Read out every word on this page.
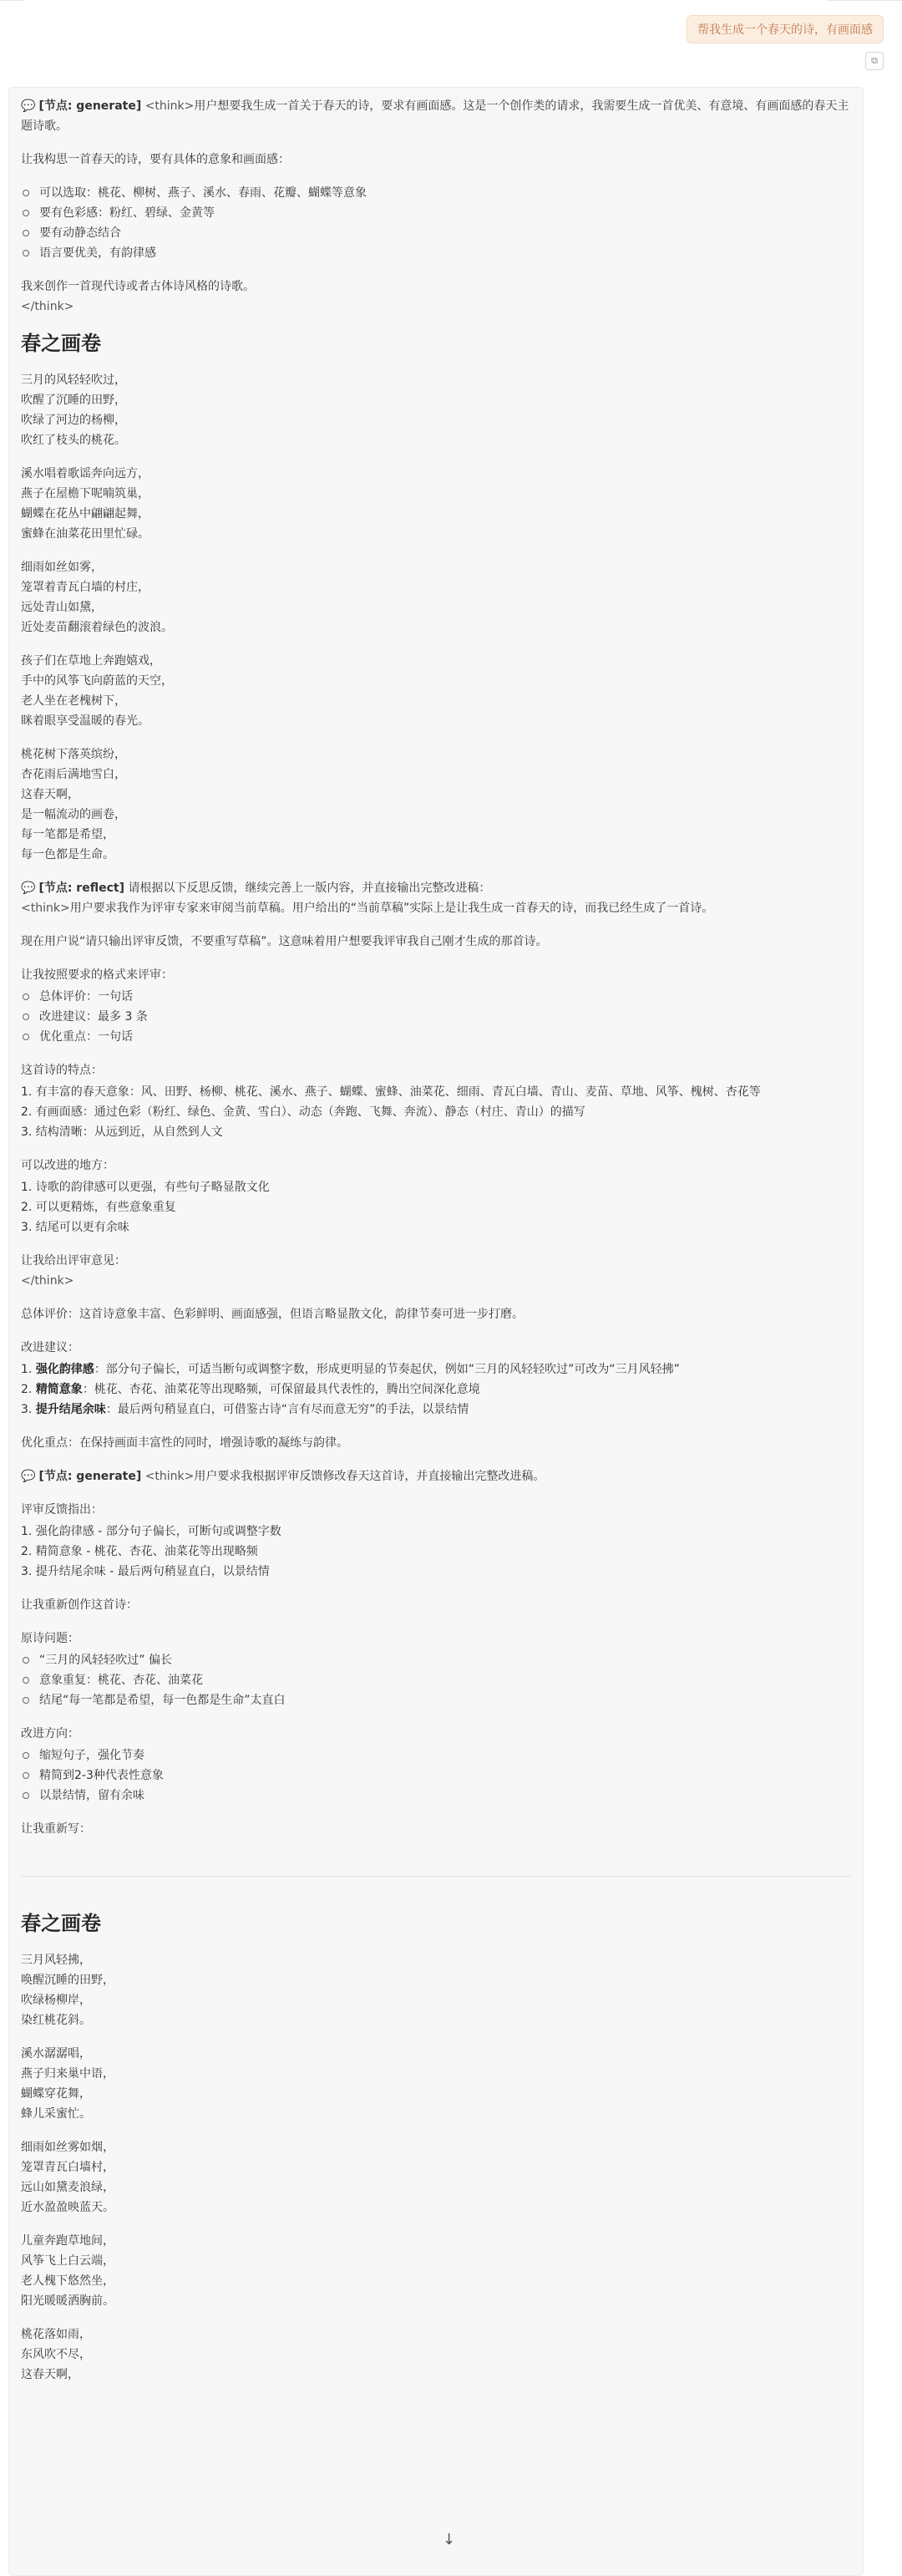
帮我生成一个春天的诗，有画面感
⧉
💬 [节点: generate] <think>用户想要我生成一首关于春天的诗，要求有画面感。这是一个创作类的请求，我需要生成一首优美、有意境、有画面感的春天主题诗歌。

让我构思一首春天的诗，要有具体的意象和画面感：

可以选取：桃花、柳树、燕子、溪水、春雨、花瓣、蝴蝶等意象
要有色彩感：粉红、碧绿、金黄等
要有动静态结合
语言要优美，有韵律感

我来创作一首现代诗或者古体诗风格的诗歌。
</think>

春之画卷
三月的风轻轻吹过，
吹醒了沉睡的田野，
吹绿了河边的杨柳，
吹红了枝头的桃花。
溪水唱着歌谣奔向远方，
燕子在屋檐下呢喃筑巢，
蝴蝶在花丛中翩翩起舞，
蜜蜂在油菜花田里忙碌。
细雨如丝如雾，
笼罩着青瓦白墙的村庄，
远处青山如黛，
近处麦苗翻滚着绿色的波浪。
孩子们在草地上奔跑嬉戏，
手中的风筝飞向蔚蓝的天空，
老人坐在老槐树下，
眯着眼享受温暖的春光。
桃花树下落英缤纷，
杏花雨后满地雪白，
这春天啊，
是一幅流动的画卷，
每一笔都是希望，
每一色都是生命。
💬 [节点: reflect] 请根据以下反思反馈，继续完善上一版内容，并直接输出完整改进稿：
<think>用户要求我作为评审专家来审阅当前草稿。用户给出的“当前草稿”实际上是让我生成一首春天的诗，而我已经生成了一首诗。

现在用户说“请只输出评审反馈，不要重写草稿”。这意味着用户想要我评审我自己刚才生成的那首诗。

让我按照要求的格式来评审：

总体评价：一句话
改进建议：最多 3 条
优化重点：一句话

这首诗的特点：

1. 有丰富的春天意象：风、田野、杨柳、桃花、溪水、燕子、蝴蝶、蜜蜂、油菜花、细雨、青瓦白墙、青山、麦苗、草地、风筝、槐树、杏花等
2. 有画面感：通过色彩（粉红、绿色、金黄、雪白）、动态（奔跑、飞舞、奔流）、静态（村庄、青山）的描写
3. 结构清晰：从远到近，从自然到人文

可以改进的地方：

1. 诗歌的韵律感可以更强，有些句子略显散文化
2. 可以更精炼，有些意象重复
3. 结尾可以更有余味

让我给出评审意见：
</think>

总体评价：这首诗意象丰富、色彩鲜明、画面感强，但语言略显散文化，韵律节奏可进一步打磨。

改进建议：

1. 强化韵律感：部分句子偏长，可适当断句或调整字数，形成更明显的节奏起伏，例如“三月的风轻轻吹过”可改为“三月风轻拂”
2. 精简意象：桃花、杏花、油菜花等出现略频，可保留最具代表性的，腾出空间深化意境
3. 提升结尾余味：最后两句稍显直白，可借鉴古诗“言有尽而意无穷”的手法，以景结情

优化重点：在保持画面丰富性的同时，增强诗歌的凝练与韵律。

💬 [节点: generate] <think>用户要求我根据评审反馈修改春天这首诗，并直接输出完整改进稿。

评审反馈指出：

1. 强化韵律感 - 部分句子偏长，可断句或调整字数
2. 精简意象 - 桃花、杏花、油菜花等出现略频
3. 提升结尾余味 - 最后两句稍显直白，以景结情

让我重新创作这首诗：

原诗问题：

“三月的风轻轻吹过” 偏长
意象重复：桃花、杏花、油菜花
结尾“每一笔都是希望，每一色都是生命”太直白

改进方向：

缩短句子，强化节奏
精简到2-3种代表性意象
以景结情，留有余味

让我重新写：

春之画卷
三月风轻拂，
唤醒沉睡的田野，
吹绿杨柳岸，
染红桃花斜。
溪水潺潺唱，
燕子归来巢中语，
蝴蝶穿花舞，
蜂儿采蜜忙。
细雨如丝雾如烟，
笼罩青瓦白墙村，
远山如黛麦浪绿，
近水盈盈映蓝天。
儿童奔跑草地间，
风筝飞上白云端，
老人槐下悠然坐，
阳光暖暖洒胸前。
桃花落如雨，
东风吹不尽，
这春天啊，
↓
